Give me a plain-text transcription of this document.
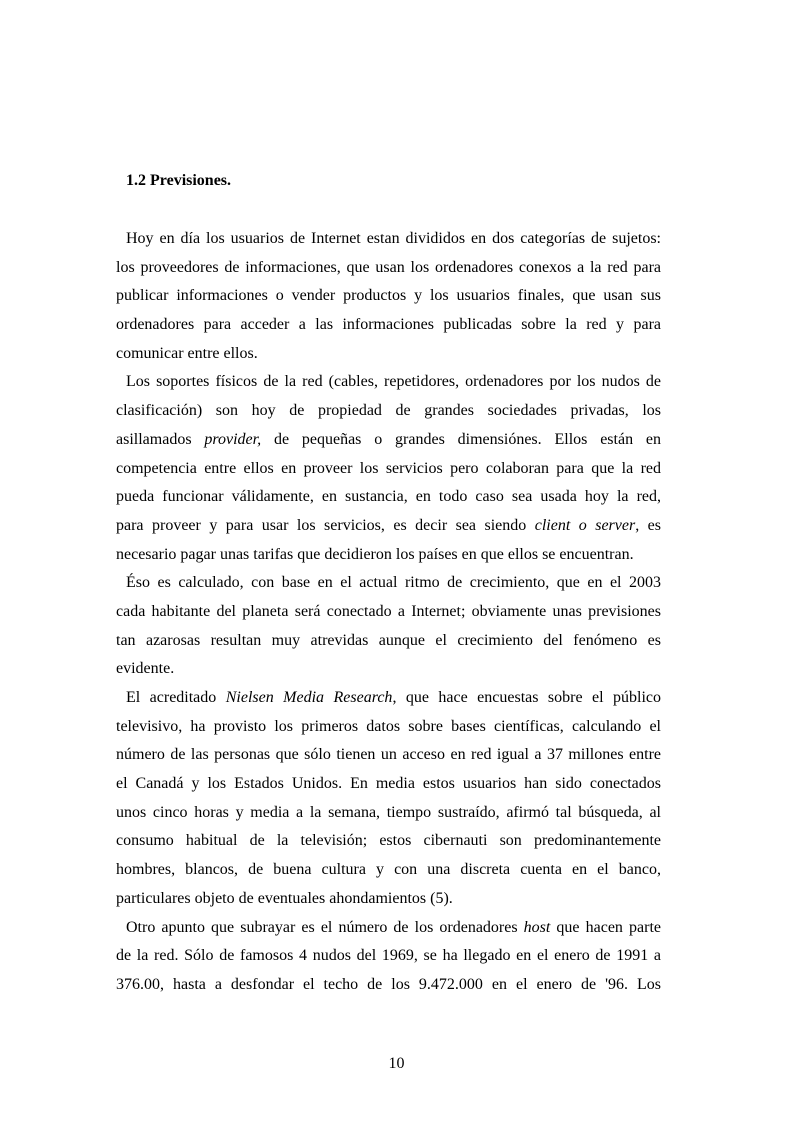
1.2 Previsiones.
Hoy en día los usuarios de Internet estan divididos en dos categorías de sujetos:
los proveedores de informaciones, que usan los ordenadores conexos a la red para
publicar informaciones o vender productos y los usuarios finales, que usan sus
ordenadores para acceder a las informaciones publicadas sobre la red y para
comunicar entre ellos.
Los soportes físicos de la red (cables, repetidores, ordenadores por los nudos de
clasificación) son hoy de propiedad de grandes sociedades privadas, los
asillamados provider, de pequeñas o grandes dimensiónes. Ellos están en
competencia entre ellos en proveer los servicios pero colaboran para que la red
pueda funcionar válidamente, en sustancia, en todo caso sea usada hoy la red,
para proveer y para usar los servicios, es decir sea siendo client o server, es
necesario pagar unas tarifas que decidieron los países en que ellos se encuentran.
Éso es calculado, con base en el actual ritmo de crecimiento, que en el 2003
cada habitante del planeta será conectado a Internet; obviamente unas previsiones
tan azarosas resultan muy atrevidas aunque el crecimiento del fenómeno es
evidente.
El acreditado Nielsen Media Research, que hace encuestas sobre el público
televisivo, ha provisto los primeros datos sobre bases científicas, calculando el
número de las personas que sólo tienen un acceso en red igual a 37 millones entre
el Canadá y los Estados Unidos. En media estos usuarios han sido conectados
unos cinco horas y media a la semana, tiempo sustraído, afirmó tal búsqueda, al
consumo habitual de la televisión; estos cibernauti son predominantemente
hombres, blancos, de buena cultura y con una discreta cuenta en el banco,
particulares objeto de eventuales ahondamientos (5).
Otro apunto que subrayar es el número de los ordenadores host que hacen parte
de la red. Sólo de famosos 4 nudos del 1969, se ha llegado en el enero de 1991 a
376.00, hasta a desfondar el techo de los 9.472.000 en el enero de '96. Los
10
